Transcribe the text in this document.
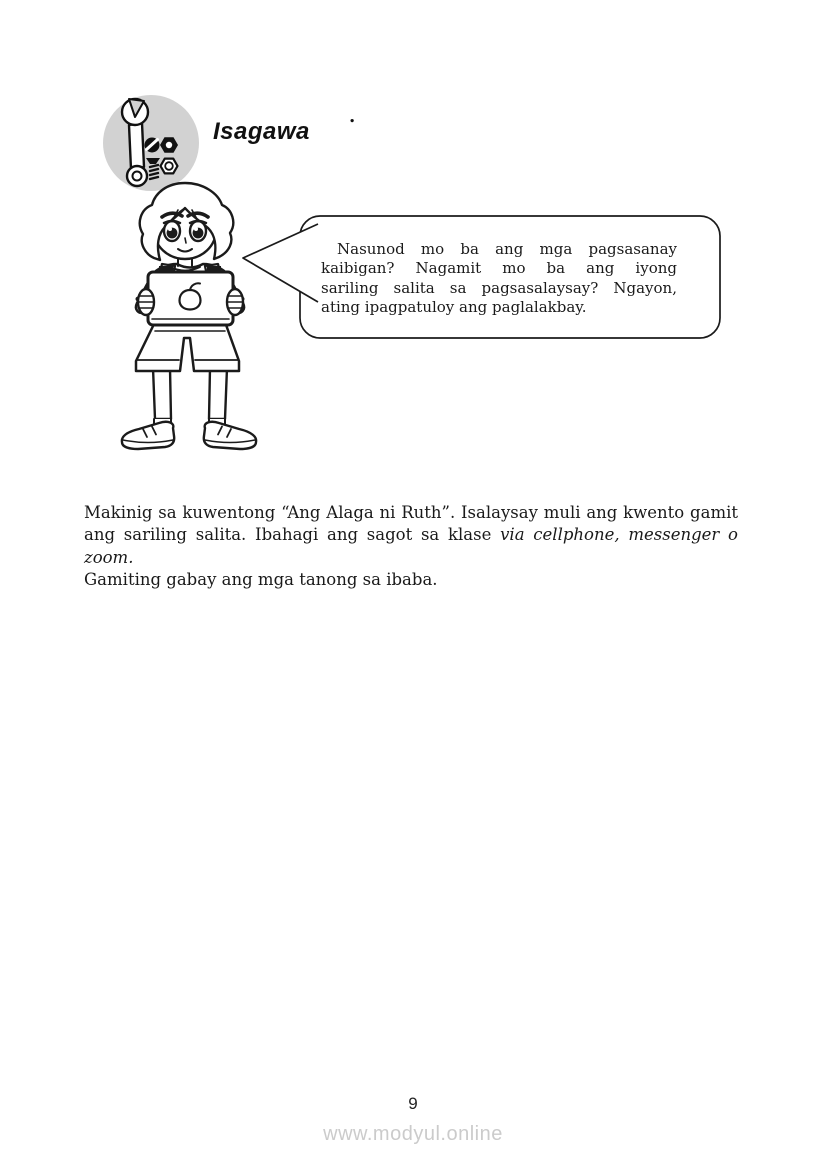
Isagawa
.
Nasunod mo ba ang mga pagsasanay
kaibigan? Nagamit mo ba ang iyong
sariling salita sa pagsasalaysay? Ngayon,
ating ipagpatuloy ang paglalakbay.
Makinig sa kuwentong “Ang Alaga ni Ruth”. Isalaysay muli ang kwento gamit
ang sariling salita. Ibahagi ang sagot sa klase via cellphone, messenger o zoom.
Gamiting gabay ang mga tanong sa ibaba.
9
www.modyul.online
